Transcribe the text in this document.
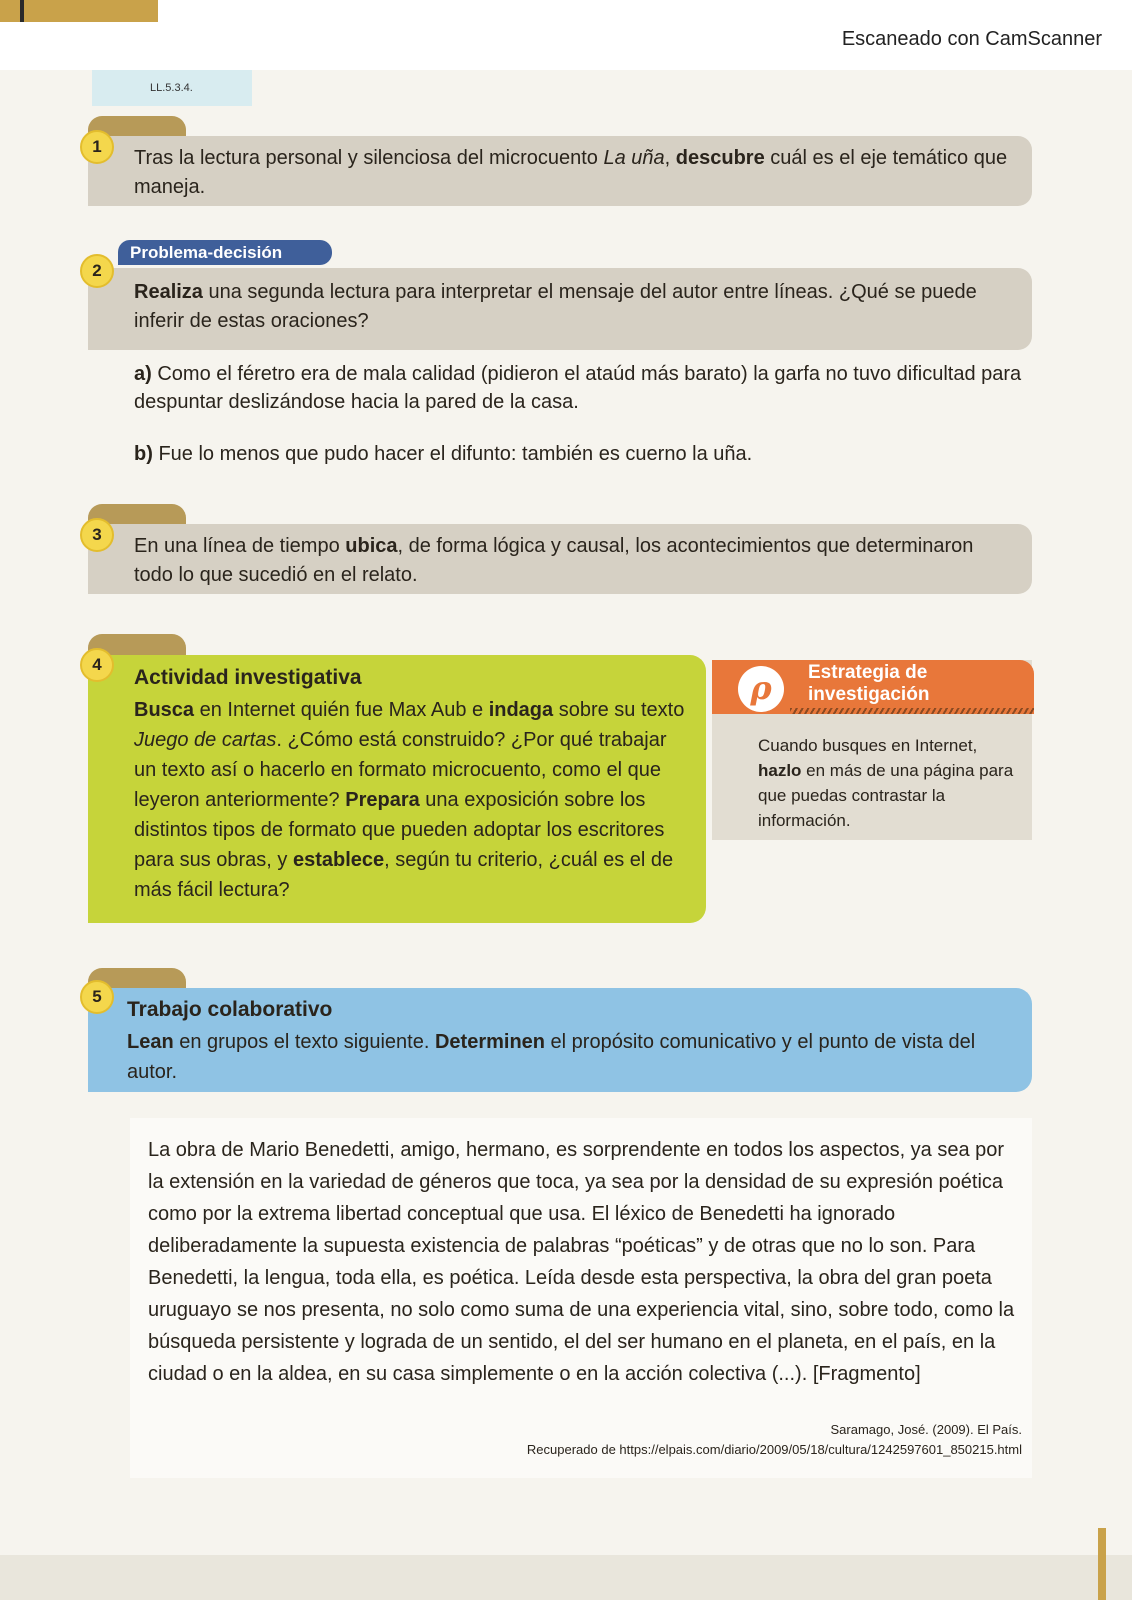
Escaneado con CamScanner
LL.5.3.4.
1
Tras la lectura personal y silenciosa del microcuento La uña, descubre cuál es el eje temático que maneja.
Problema-decisión
2
Realiza una segunda lectura para interpretar el mensaje del autor entre líneas. ¿Qué se puede inferir de estas oraciones?
a) Como el féretro era de mala calidad (pidieron el ataúd más barato) la garfa no tuvo dificultad para despuntar deslizándose hacia la pared de la casa.
b) Fue lo menos que pudo hacer el difunto: también es cuerno la uña.
3
En una línea de tiempo ubica, de forma lógica y causal, los acontecimientos que determinaron todo lo que sucedió en el relato.
4
Actividad investigativa
Busca en Internet quién fue Max Aub e indaga sobre su texto Juego de cartas. ¿Cómo está construido? ¿Por qué trabajar un texto así o hacerlo en formato microcuento, como el que leyeron anteriormente? Prepara una exposición sobre los distintos tipos de formato que pueden adoptar los escritores para sus obras, y establece, según tu criterio, ¿cuál es el de más fácil lectura?
ρ	Estrategia de
investigación
Cuando busques en Internet, hazlo en más de una página para que puedas contrastar la información.
5
Trabajo colaborativo
Lean en grupos el texto siguiente. Determinen el propósito comunicativo y el punto de vista del autor.
La obra de Mario Benedetti, amigo, hermano, es sorprendente en todos los aspectos, ya sea por la extensión en la variedad de géneros que toca, ya sea por la densidad de su expresión poética como por la extrema libertad conceptual que usa. El léxico de Benedetti ha ignorado deliberadamente la supuesta existencia de palabras “poéticas” y de otras que no lo son. Para Benedetti, la lengua, toda ella, es poética. Leída desde esta perspectiva, la obra del gran poeta uruguayo se nos presenta, no solo como suma de una experiencia vital, sino, sobre todo, como la búsqueda persistente y lograda de un sentido, el del ser humano en el planeta, en el país, en la ciudad o en la aldea, en su casa simplemente o en la acción colectiva (...). [Fragmento]
Saramago, José. (2009). El País.
Recuperado de https://elpais.com/diario/2009/05/18/cultura/1242597601_850215.html
